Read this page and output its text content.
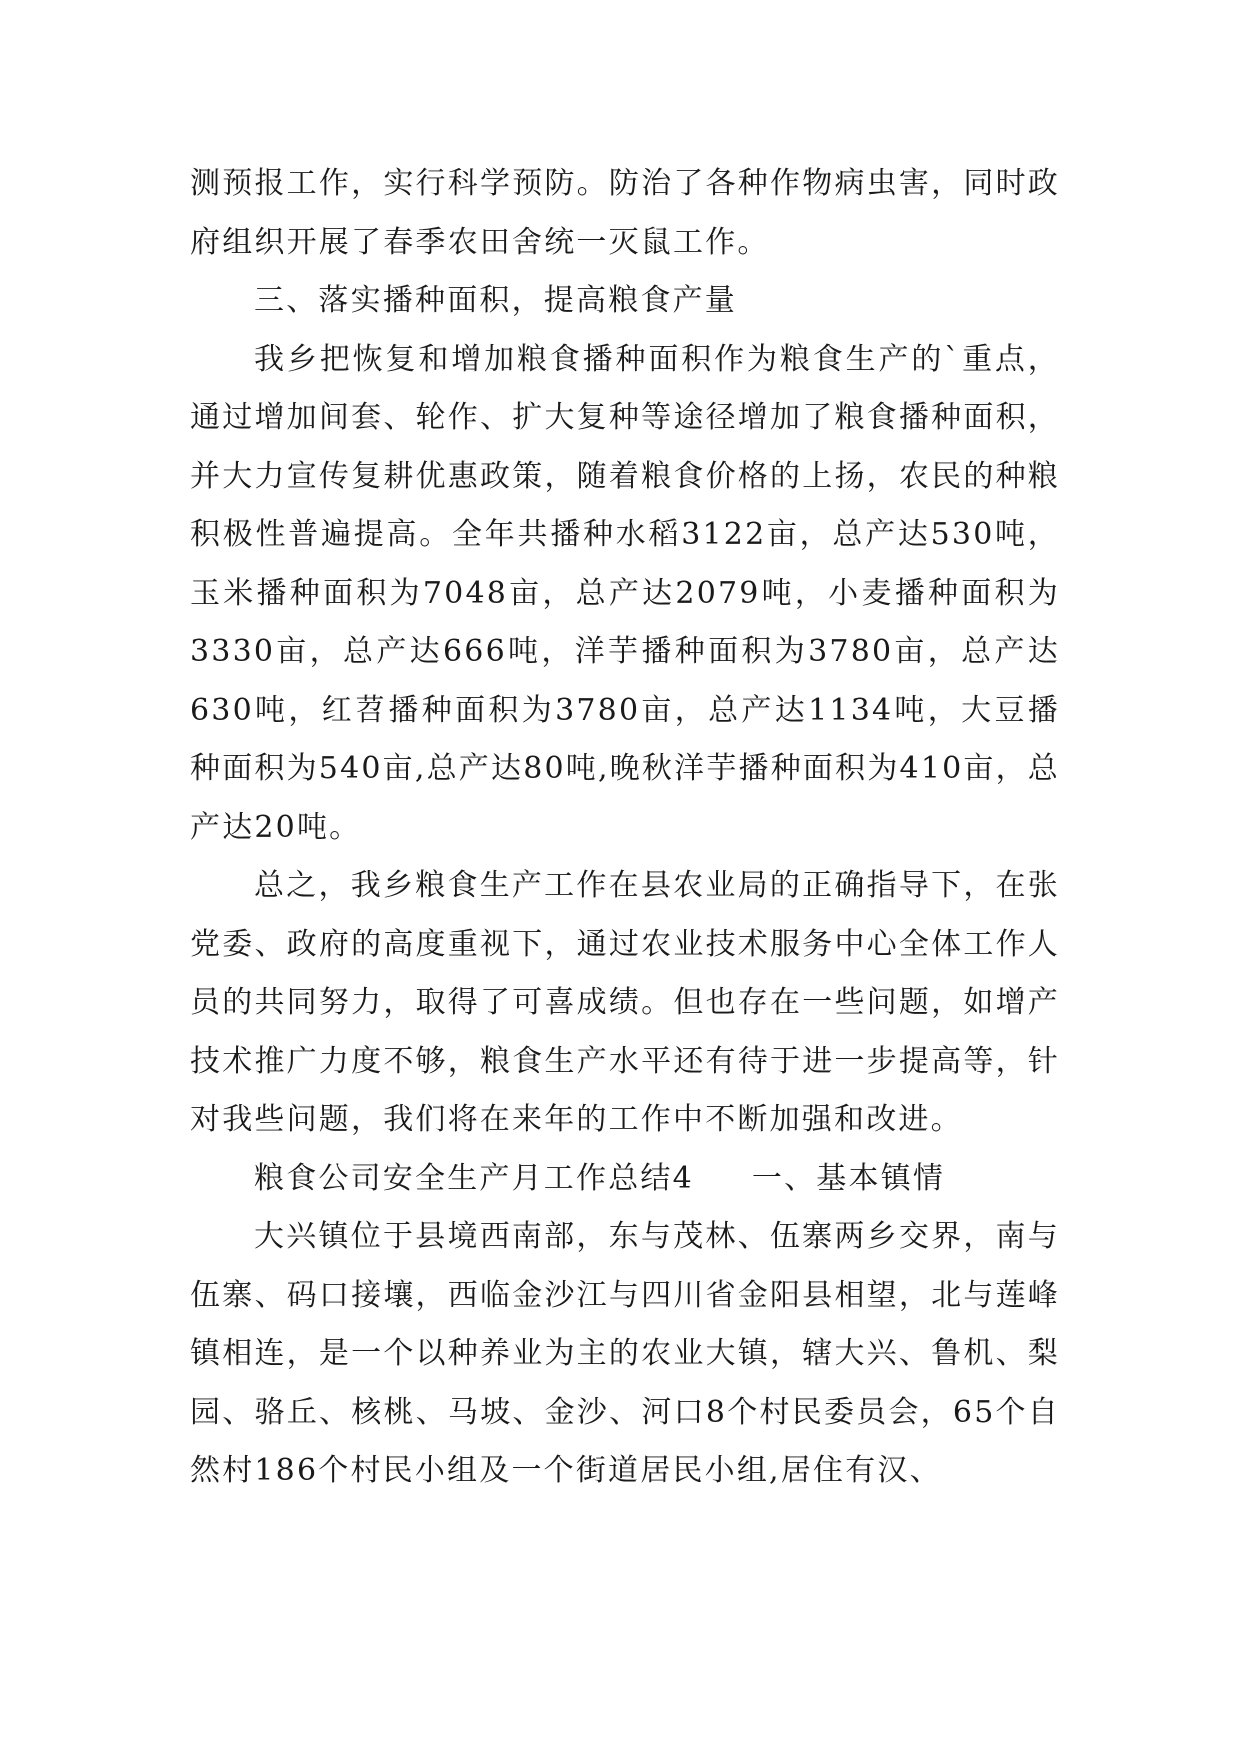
测预报工作，实行科学预防。防治了各种作物病虫害，同时政府组织开展了春季农田舍统一灭鼠工作。

三、落实播种面积，提高粮食产量

我乡把恢复和增加粮食播种面积作为粮食生产的`重点，通过增加间套、轮作、扩大复种等途径增加了粮食播种面积，并大力宣传复耕优惠政策，随着粮食价格的上扬，农民的种粮积极性普遍提高。全年共播种水稻3122亩，总产达530吨，玉米播种面积为7048亩，总产达2079吨，小麦播种面积为3330亩，总产达666吨，洋芋播种面积为3780亩，总产达630吨，红苕播种面积为3780亩，总产达1134吨，大豆播种面积为540亩,总产达80吨,晚秋洋芋播种面积为410亩，总产达20吨。

总之，我乡粮食生产工作在县农业局的正确指导下，在张党委、政府的高度重视下，通过农业技术服务中心全体工作人员的共同努力，取得了可喜成绩。但也存在一些问题，如增产技术推广力度不够，粮食生产水平还有待于进一步提高等，针对我些问题，我们将在来年的工作中不断加强和改进。

粮食公司安全生产月工作总结4 一、基本镇情

大兴镇位于县境西南部，东与茂林、伍寨两乡交界，南与伍寨、码口接壤，西临金沙江与四川省金阳县相望，北与莲峰镇相连，是一个以种养业为主的农业大镇，辖大兴、鲁机、梨园、骆丘、核桃、马坡、金沙、河口8个村民委员会，65个自然村186个村民小组及一个街道居民小组,居住有汉、
